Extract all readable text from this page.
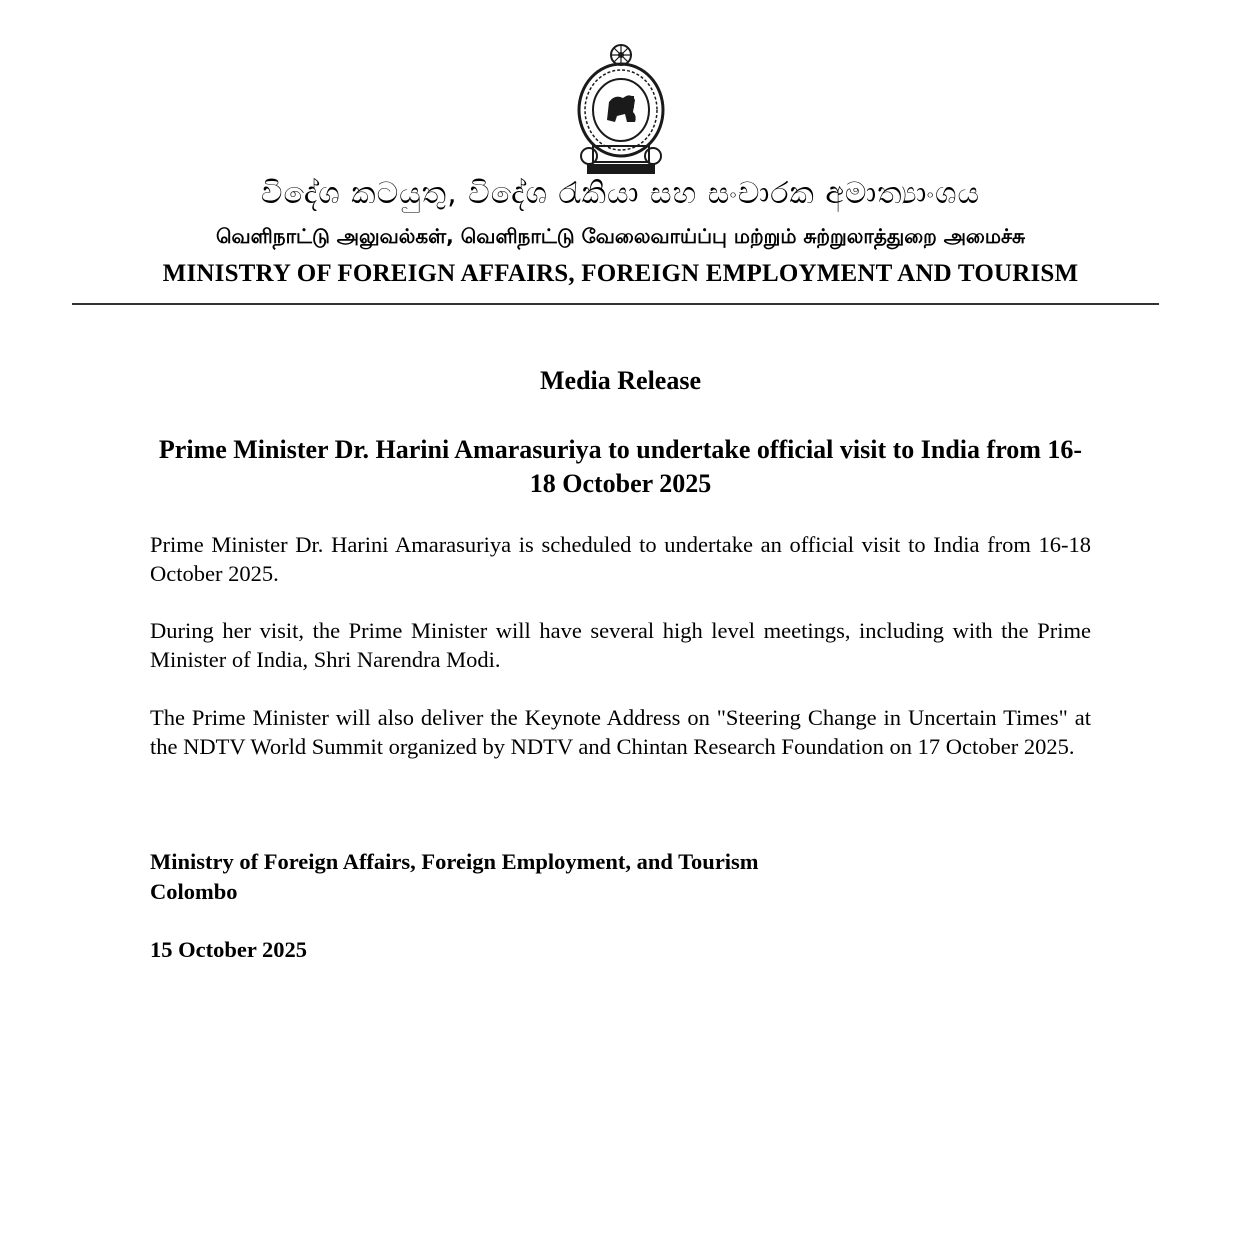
විදේශ කටයුතු, විදේශ රැකියා සහ සංචාරක අමාත්‍යාංශය
வெளிநாட்டு அலுவல்கள், வெளிநாட்டு வேலைவாய்ப்பு மற்றும் சுற்றுலாத்துறை அமைச்சு
MINISTRY OF FOREIGN AFFAIRS, FOREIGN EMPLOYMENT AND TOURISM
Media Release
Prime Minister Dr. Harini Amarasuriya to undertake official visit to India from 16-18 October 2025

Prime Minister Dr. Harini Amarasuriya is scheduled to undertake an official visit to India from 16-18 October 2025.

During her visit, the Prime Minister will have several high level meetings, including with the Prime Minister of India, Shri Narendra Modi.

The Prime Minister will also deliver the Keynote Address on "Steering Change in Uncertain Times" at the NDTV World Summit organized by NDTV and Chintan Research Foundation on 17 October 2025.

Ministry of Foreign Affairs, Foreign Employment, and Tourism
Colombo
15 October 2025
